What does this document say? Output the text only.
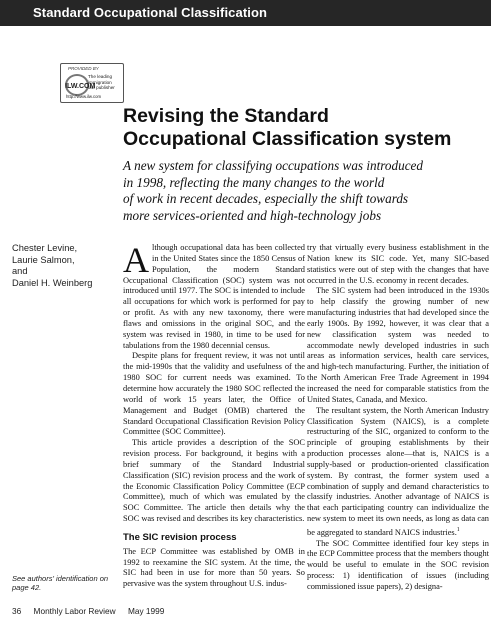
Standard Occupational Classification
PROVIDED BY
ILW.COM
The leading
immigration
law publisher
http://www.ilw.com
Revising the Standard Occupational Classification system
A new system for classifying occupations was introduced
in 1998, reflecting the many changes to the world
of work in recent decades, especially the shift towards
more services-oriented and high-technology jobs
Chester Levine,
Laurie Salmon,
and
Daniel H. Weinberg
See authors' identification on page 42.

Although occupational data has been collected in the United States since the 1850 Census of Population, the modern Standard Occupational Classification (SOC) system was not introduced until 1977. The SOC is intended to include all occupations for which work is performed for pay or profit. As with any new taxonomy, there were flaws and omissions in the original SOC, and the system was revised in 1980, in time to be used for tabulations from the 1980 decennial census.

Despite plans for frequent review, it was not until the mid-1990s that the validity and usefulness of the 1980 SOC for current needs was examined. To determine how accurately the 1980 SOC reflected the world of work 15 years later, the Office of Management and Budget (OMB) chartered the Standard Occupational Classification Revision Policy Committee (SOC Committee).

This article provides a description of the SOC revision process. For background, it begins with a brief summary of the Standard Industrial Classification (SIC) revision process and the work of the Economic Classification Policy Committee (ECP Committee), much of which was emulated by the SOC Committee. The article then details why the SOC was revised and describes its key characteristics.

The SIC revision process

The ECP Committee was established by OMB in 1992 to reexamine the SIC system. At the time, the SIC had been in use for more than 50 years. So pervasive was the system throughout U.S. indus-

try that virtually every business establishment in the Nation knew its SIC code. Yet, many SIC-based statistics were out of step with the changes that have occurred in the U.S. economy in recent decades.

The SIC system had been introduced in the 1930s to help classify the growing number of new manufacturing industries that had developed since the early 1900s. By 1992, however, it was clear that a new classification system was needed to accommodate newly developed industries in such areas as information services, health care services, and high-tech manufacturing. Further, the initiation of the North American Free Trade Agreement in 1994 increased the need for comparable statistics from the United States, Canada, and Mexico.

The resultant system, the North American Industry Classification System (NAICS), is a complete restructuring of the SIC, organized to conform to the principle of grouping establishments by their production processes alone—that is, NAICS is a supply-based or production-oriented classification system. By contrast, the former system used a combination of supply and demand characteristics to classify industries. Another advantage of NAICS is that each participating country can individualize the new system to meet its own needs, as long as data can be aggregated to standard NAICS industries.$^1$

The SOC Committee identified four key steps in the ECP Committee process that the members thought would be useful to emulate in the SOC revision process: 1) identification of issues (including commissioned issue papers), 2) designa-

36 Monthly Labor Review May 1999
